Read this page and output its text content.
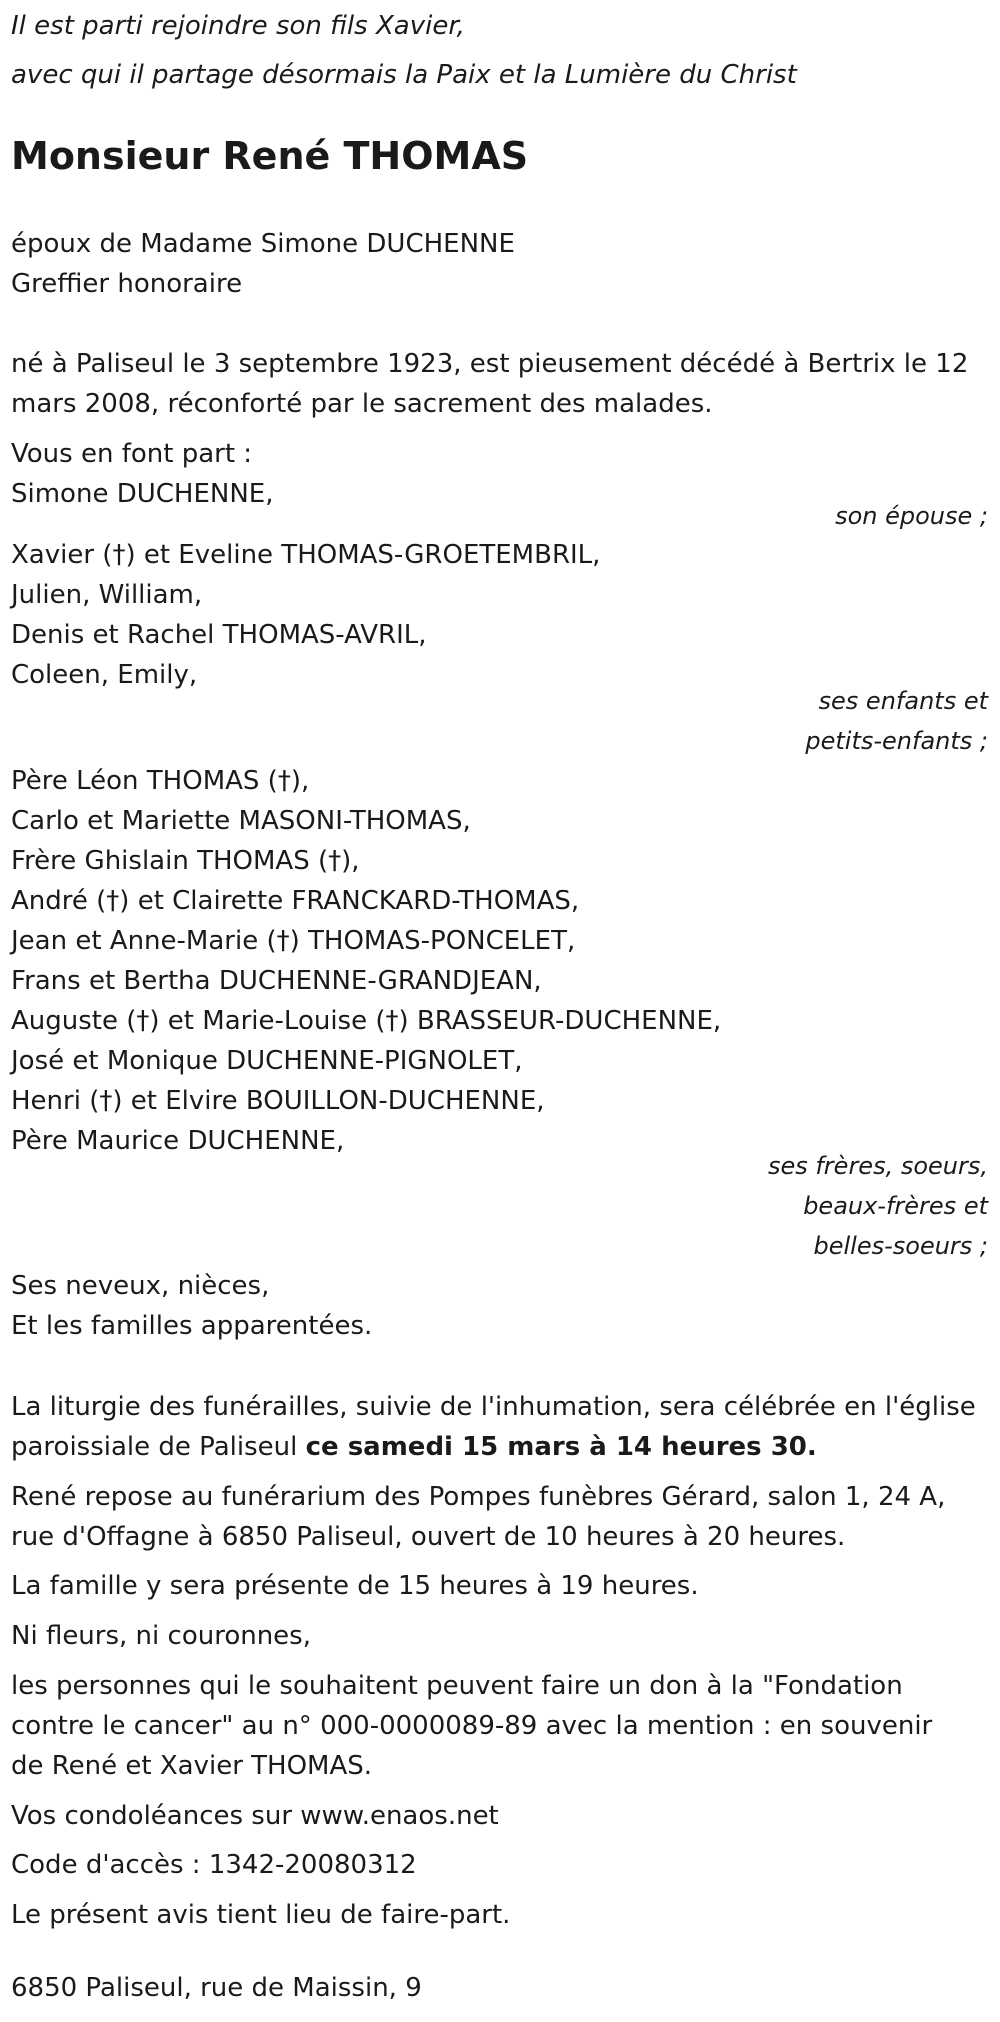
Il est parti rejoindre son fils Xavier,
avec qui il partage désormais la Paix et la Lumière du Christ
Monsieur René THOMAS
époux de Madame Simone DUCHENNE
Greffier honoraire
né à Paliseul le 3 septembre 1923, est pieusement décédé à Bertrix le 12
mars 2008, réconforté par le sacrement des malades.
Vous en font part :
Simone DUCHENNE,
son épouse ;
Xavier (†) et Eveline THOMAS-GROETEMBRIL,
Julien, William,
Denis et Rachel THOMAS-AVRIL,
Coleen, Emily,
ses enfants et
petits-enfants ;
Père Léon THOMAS (†),
Carlo et Mariette MASONI-THOMAS,
Frère Ghislain THOMAS (†),
André (†) et Clairette FRANCKARD-THOMAS,
Jean et Anne-Marie (†) THOMAS-PONCELET,
Frans et Bertha DUCHENNE-GRANDJEAN,
Auguste (†) et Marie-Louise (†) BRASSEUR-DUCHENNE,
José et Monique DUCHENNE-PIGNOLET,
Henri (†) et Elvire BOUILLON-DUCHENNE,
Père Maurice DUCHENNE,
ses frères, soeurs,
beaux-frères et
belles-soeurs ;
Ses neveux, nièces,
Et les familles apparentées.
La liturgie des funérailles, suivie de l'inhumation, sera célébrée en l'église
paroissiale de Paliseul ce samedi 15 mars à 14 heures 30.
René repose au funérarium des Pompes funèbres Gérard, salon 1, 24 A,
rue d'Offagne à 6850 Paliseul, ouvert de 10 heures à 20 heures.
La famille y sera présente de 15 heures à 19 heures.
Ni fleurs, ni couronnes,
les personnes qui le souhaitent peuvent faire un don à la "Fondation
contre le cancer" au n° 000-0000089-89 avec la mention : en souvenir
de René et Xavier THOMAS.
Vos condoléances sur www.enaos.net
Code d'accès : 1342-20080312
Le présent avis tient lieu de faire-part.
6850 Paliseul, rue de Maissin, 9
